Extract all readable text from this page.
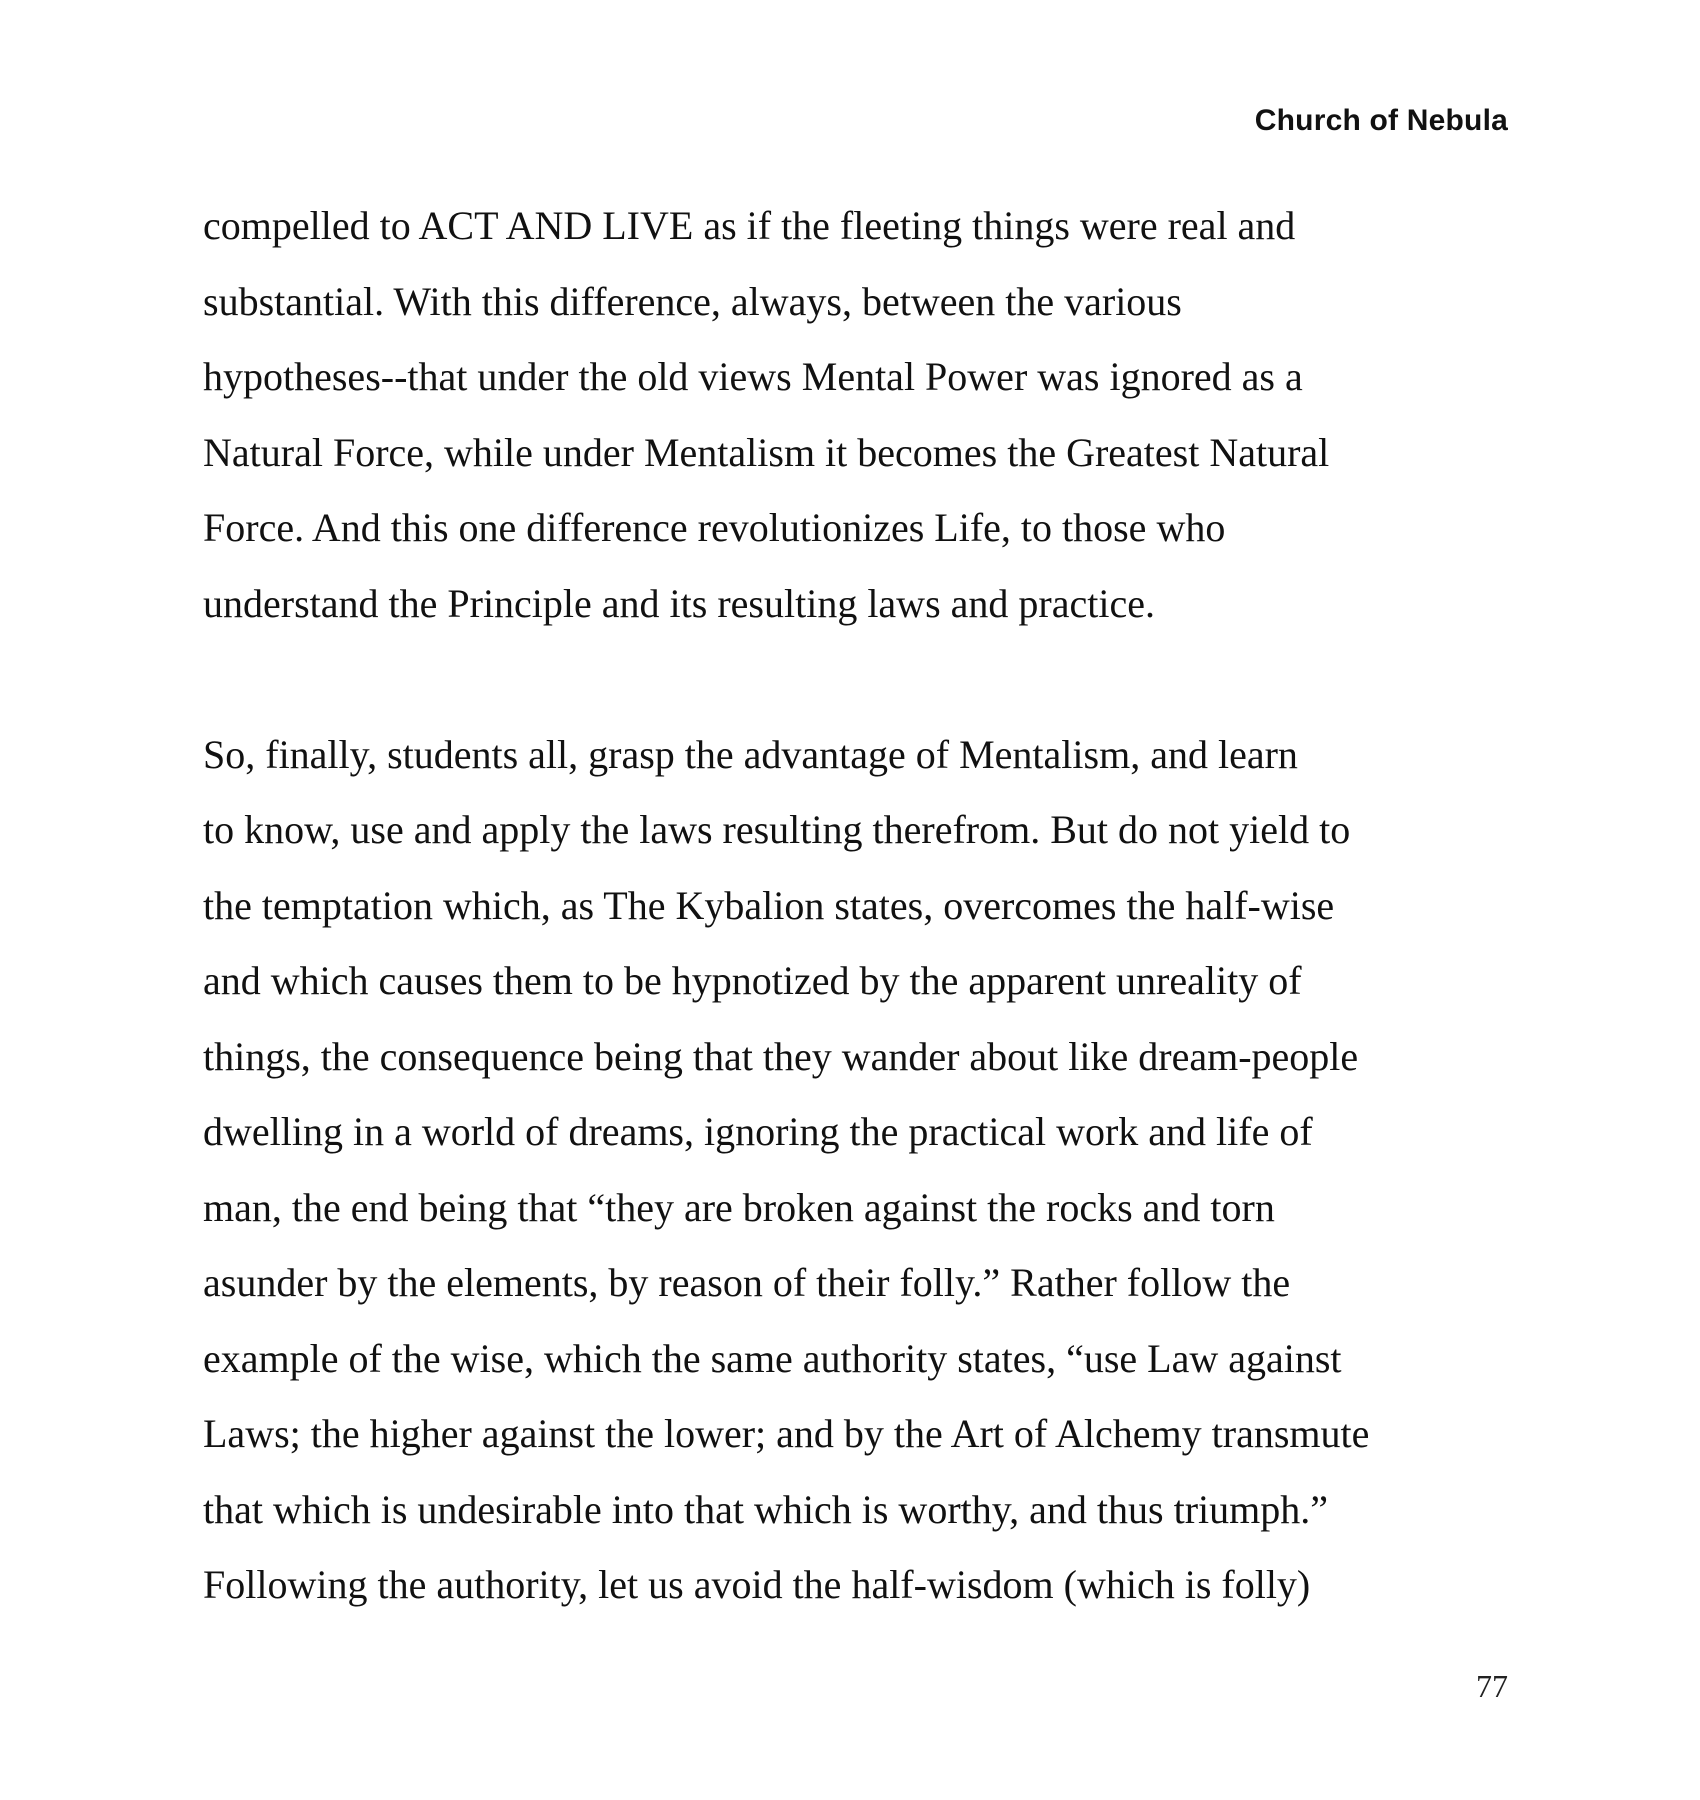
Church of Nebula
compelled to ACT AND LIVE as if the fleeting things were real and
substantial. With this difference, always, between the various
hypotheses--that under the old views Mental Power was ignored as a
Natural Force, while under Mentalism it becomes the Greatest Natural
Force. And this one difference revolutionizes Life, to those who
understand the Principle and its resulting laws and practice.
So, finally, students all, grasp the advantage of Mentalism, and learn
to know, use and apply the laws resulting therefrom. But do not yield to
the temptation which, as The Kybalion states, overcomes the half-wise
and which causes them to be hypnotized by the apparent unreality of
things, the consequence being that they wander about like dream-people
dwelling in a world of dreams, ignoring the practical work and life of
man, the end being that “they are broken against the rocks and torn
asunder by the elements, by reason of their folly.” Rather follow the
example of the wise, which the same authority states, “use Law against
Laws; the higher against the lower; and by the Art of Alchemy transmute
that which is undesirable into that which is worthy, and thus triumph.”
Following the authority, let us avoid the half-wisdom (which is folly)
77
